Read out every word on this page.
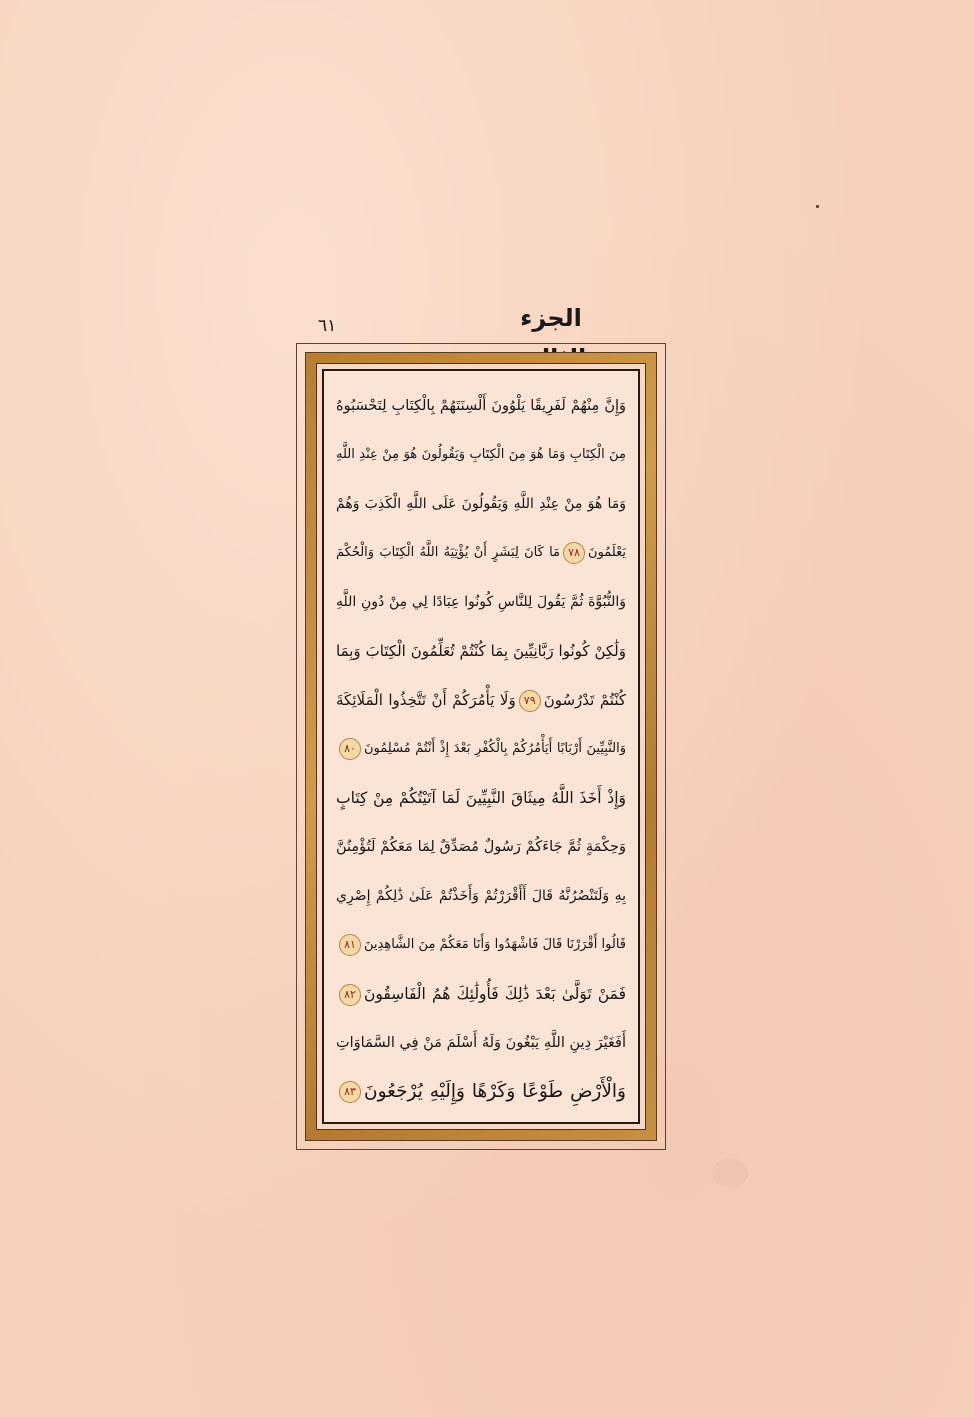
الجزء
٦١
وَإِنَّ مِنْهُمْ لَفَرِيقًا يَلْوُونَ أَلْسِنَتَهُمْ بِالْكِتَابِ لِتَحْسَبُوهُ
مِنَ الْكِتَابِ وَمَا هُوَ مِنَ الْكِتَابِ وَيَقُولُونَ هُوَ مِنْ عِنْدِ اللَّهِ
وَمَا هُوَ مِنْ عِنْدِ اللَّهِ وَيَقُولُونَ عَلَى اللَّهِ الْكَذِبَ وَهُمْ
يَعْلَمُونَ٧٨مَا كَانَ لِبَشَرٍ أَنْ يُؤْتِيَهُ اللَّهُ الْكِتَابَ وَالْحُكْمَ
وَالنُّبُوَّةَ ثُمَّ يَقُولَ لِلنَّاسِ كُونُوا عِبَادًا لِي مِنْ دُونِ اللَّهِ
وَلَٰكِنْ كُونُوا رَبَّانِيِّينَ بِمَا كُنْتُمْ تُعَلِّمُونَ الْكِتَابَ وَبِمَا
كُنْتُمْ تَدْرُسُونَ٧٩وَلَا يَأْمُرَكُمْ أَنْ تَتَّخِذُوا الْمَلَائِكَةَ
وَالنَّبِيِّينَ أَرْبَابًا أَيَأْمُرُكُمْ بِالْكُفْرِ بَعْدَ إِذْ أَنْتُمْ مُسْلِمُونَ٨٠
وَإِذْ أَخَذَ اللَّهُ مِيثَاقَ النَّبِيِّينَ لَمَا آتَيْتُكُمْ مِنْ كِتَابٍ
وَحِكْمَةٍ ثُمَّ جَاءَكُمْ رَسُولٌ مُصَدِّقٌ لِمَا مَعَكُمْ لَتُؤْمِنُنَّ
بِهِ وَلَتَنْصُرُنَّهُ قَالَ أَأَقْرَرْتُمْ وَأَخَذْتُمْ عَلَىٰ ذَٰلِكُمْ إِصْرِي
قَالُوا أَقْرَرْنَا قَالَ فَاشْهَدُوا وَأَنَا مَعَكُمْ مِنَ الشَّاهِدِينَ٨١
فَمَنْ تَوَلَّىٰ بَعْدَ ذَٰلِكَ فَأُولَٰئِكَ هُمُ الْفَاسِقُونَ٨٢
أَفَغَيْرَ دِينِ اللَّهِ يَبْغُونَ وَلَهُ أَسْلَمَ مَنْ فِي السَّمَاوَاتِ
وَالْأَرْضِ طَوْعًا وَكَرْهًا وَإِلَيْهِ يُرْجَعُونَ٨٣
